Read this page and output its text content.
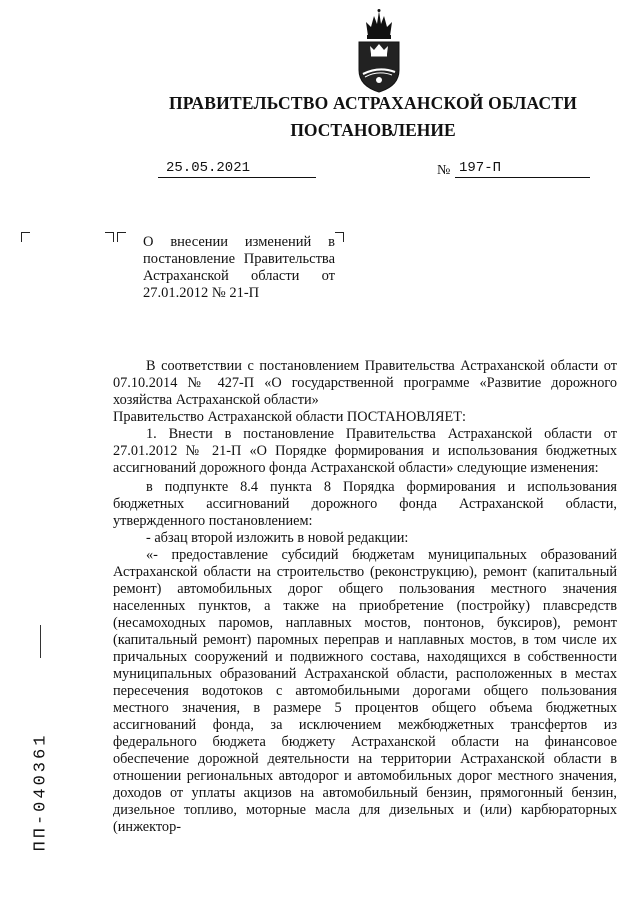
ПРАВИТЕЛЬСТВО АСТРАХАНСКОЙ ОБЛАСТИ
ПОСТАНОВЛЕНИЕ
25.05.2021	№ 197-П
О внесении изменений в постановление Правительства Астраханской области от 27.01.2012 № 21-П

В соответствии с постановлением Правительства Астраханской области от 07.10.2014 № 427-П «О государственной программе «Развитие дорожного хозяйства Астраханской области»

Правительство Астраханской области ПОСТАНОВЛЯЕТ:

1. Внести в постановление Правительства Астраханской области от 27.01.2012 № 21-П «О Порядке формирования и использования бюджетных ассигнований дорожного фонда Астраханской области» следующие изменения:

в подпункте 8.4 пункта 8 Порядка формирования и использования бюджетных ассигнований дорожного фонда Астраханской области, утвержденного постановлением:

- абзац второй изложить в новой редакции:

«- предоставление субсидий бюджетам муниципальных образований Астраханской области на строительство (реконструкцию), ремонт (капитальный ремонт) автомобильных дорог общего пользования местного значения населенных пунктов, а также на приобретение (постройку) плавсредств (несамоходных паромов, наплавных мостов, понтонов, буксиров), ремонт (капитальный ремонт) паромных переправ и наплавных мостов, в том числе их причальных сооружений и подвижного состава, находящихся в собственности муниципальных образований Астраханской области, расположенных в местах пересечения водотоков с автомобильными дорогами общего пользования местного значения, в размере 5 процентов общего объема бюджетных ассигнований фонда, за исключением межбюджетных трансфертов из федерального бюджета бюджету Астраханской области на финансовое обеспечение дорожной деятельности на территории Астраханской области в отношении региональных автодорог и автомобильных дорог местного значения, доходов от уплаты акцизов на автомобильный бензин, прямогонный бензин, дизельное топливо, моторные масла для дизельных и (или) карбюраторных (инжектор-

ПП-040361
